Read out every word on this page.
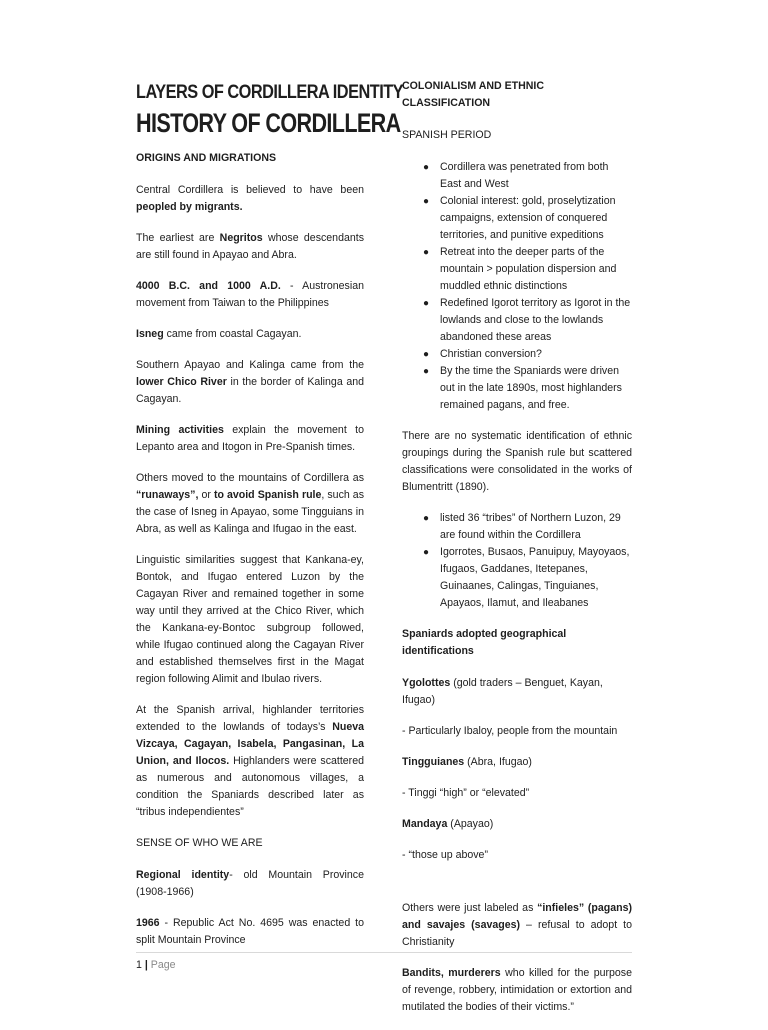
LAYERS OF CORDILLERA IDENTITY
HISTORY OF CORDILLERA
ORIGINS AND MIGRATIONS

Central Cordillera is believed to have been peopled by migrants.

The earliest are Negritos whose descendants are still found in Apayao and Abra.

4000 B.C. and 1000 A.D. - Austronesian movement from Taiwan to the Philippines

Isneg came from coastal Cagayan.

Southern Apayao and Kalinga came from the lower Chico River in the border of Kalinga and Cagayan.

Mining activities explain the movement to Lepanto area and Itogon in Pre-Spanish times.

Others moved to the mountains of Cordillera as “runaways”, or to avoid Spanish rule, such as the case of Isneg in Apayao, some Tingguians in Abra, as well as Kalinga and Ifugao in the east.

Linguistic similarities suggest that Kankana-ey, Bontok, and Ifugao entered Luzon by the Cagayan River and remained together in some way until they arrived at the Chico River, which the Kankana-ey-Bontoc subgroup followed, while Ifugao continued along the Cagayan River and established themselves first in the Magat region following Alimit and Ibulao rivers.

At the Spanish arrival, highlander territories extended to the lowlands of todays’s Nueva Vizcaya, Cagayan, Isabela, Pangasinan, La Union, and Ilocos. Highlanders were scattered as numerous and autonomous villages, a condition the Spaniards described later as “tribus independientes”

SENSE OF WHO WE ARE

Regional identity- old Mountain Province (1908-1966)

1966 - Republic Act No. 4695 was enacted to split Mountain Province

COLONIALISM AND ETHNIC CLASSIFICATION
SPANISH PERIOD
● Cordillera was penetrated from both East and West
● Colonial interest: gold, proselytization campaigns, extension of conquered territories, and punitive expeditions
● Retreat into the deeper parts of the mountain > population dispersion and muddled ethnic distinctions
● Redefined Igorot territory as Igorot in the lowlands and close to the lowlands abandoned these areas
● Christian conversion?
● By the time the Spaniards were driven out in the late 1890s, most highlanders remained pagans, and free.

There are no systematic identification of ethnic groupings during the Spanish rule but scattered classifications were consolidated in the works of Blumentritt (1890).

● listed 36 “tribes” of Northern Luzon, 29 are found within the Cordillera
● Igorrotes, Busaos, Panuipuy, Mayoyaos, Ifugaos, Gaddanes, Itetepanes, Guinaanes, Calingas, Tinguianes, Apayaos, Ilamut, and Ileabanes
Spaniards adopted geographical identifications

Ygolottes (gold traders – Benguet, Kayan, Ifugao)

- Particularly Ibaloy, people from the mountain

Tingguianes (Abra, Ifugao)

- Tinggi “high” or “elevated”

Mandaya (Apayao)

- “those up above”

Others were just labeled as “infieles” (pagans) and savajes (savages) – refusal to adopt to Christianity

Bandits, murderers who killed for the purpose of revenge, robbery, intimidation or extortion and mutilated the bodies of their victims.”

1 | Page
